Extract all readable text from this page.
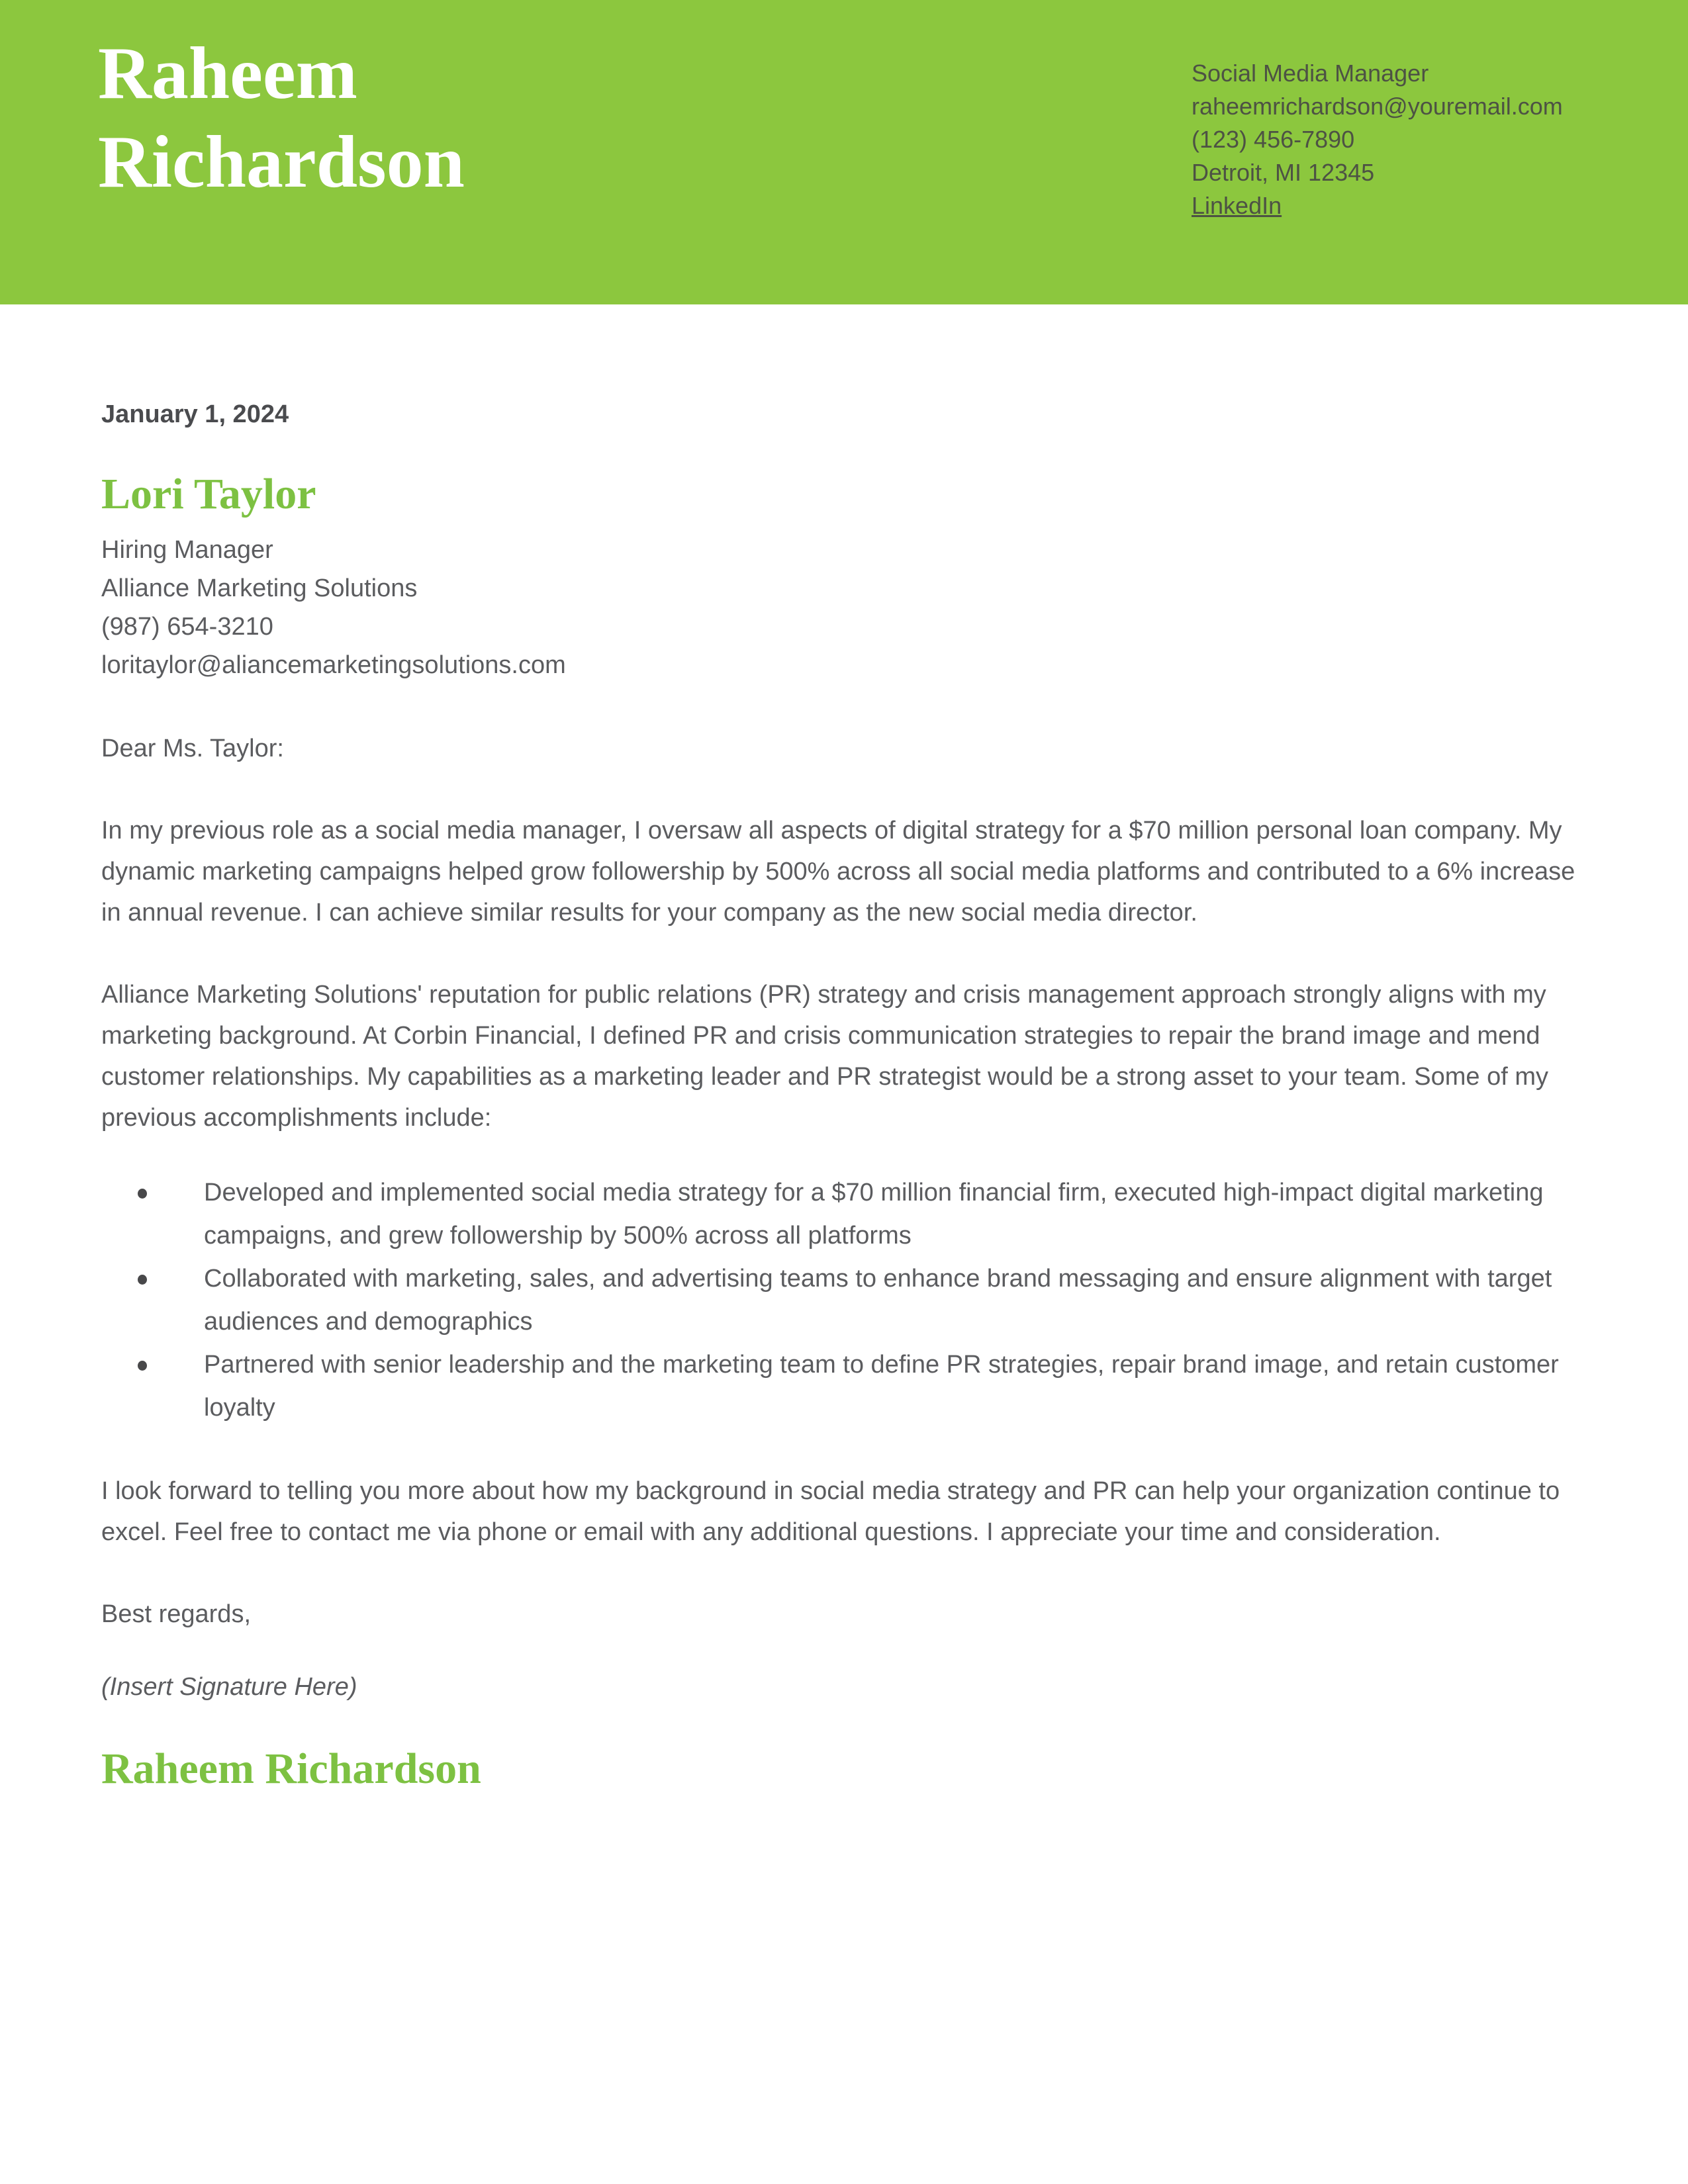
Raheem
Richardson
Social Media Manager
raheemrichardson@youremail.com
(123) 456-7890
Detroit, MI 12345
LinkedIn
January 1, 2024
Lori Taylor
Hiring Manager
Alliance Marketing Solutions
(987) 654-3210
loritaylor@aliancemarketingsolutions.com

Dear Ms. Taylor:

In my previous role as a social media manager, I oversaw all aspects of digital strategy for a $70 million personal loan company. My dynamic marketing campaigns helped grow followership by 500% across all social media platforms and contributed to a 6% increase in annual revenue. I can achieve similar results for your company as the new social media director.

Alliance Marketing Solutions' reputation for public relations (PR) strategy and crisis management approach strongly aligns with my marketing background. At Corbin Financial, I defined PR and crisis communication strategies to repair the brand image and mend customer relationships. My capabilities as a marketing leader and PR strategist would be a strong asset to your team. Some of my previous accomplishments include:

Developed and implemented social media strategy for a $70 million financial firm, executed high-impact digital marketing campaigns, and grew followership by 500% across all platforms
Collaborated with marketing, sales, and advertising teams to enhance brand messaging and ensure alignment with target audiences and demographics
Partnered with senior leadership and the marketing team to define PR strategies, repair brand image, and retain customer loyalty

I look forward to telling you more about how my background in social media strategy and PR can help your organization continue to excel. Feel free to contact me via phone or email with any additional questions. I appreciate your time and consideration.

Best regards,

(Insert Signature Here)

Raheem Richardson
